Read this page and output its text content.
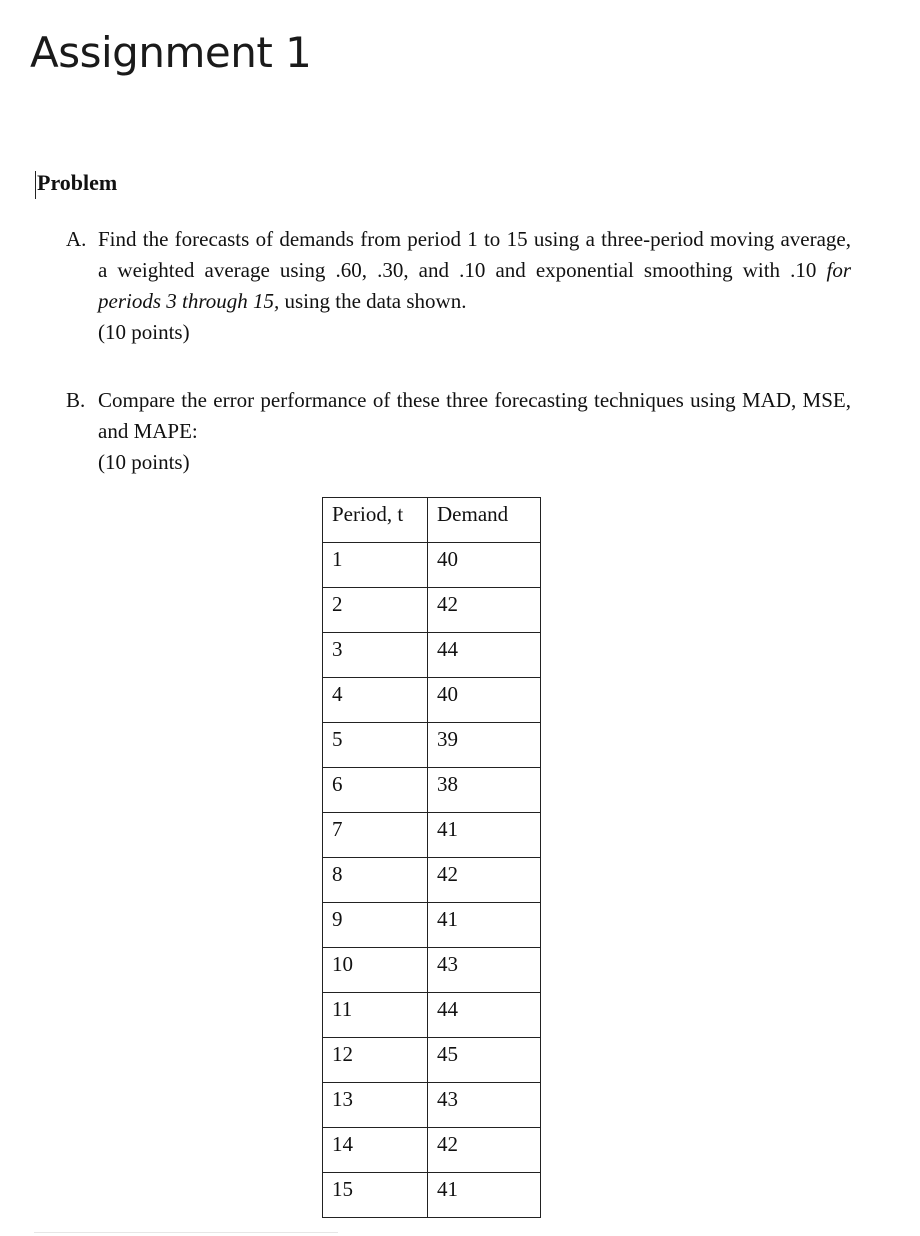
Assignment 1
Problem
A. Find the forecasts of demands from period 1 to 15 using a three-period moving average, a weighted average using .60, .30, and .10 and exponential smoothing with .10 for periods 3 through 15, using the data shown.

(10 points)

B. Compare the error performance of these three forecasting techniques using MAD, MSE, and MAPE:

(10 points)

Period, t	Demand
1	40
2	42
3	44
4	40
5	39
6	38
7	41
8	42
9	41
10	43
11	44
12	45
13	43
14	42
15	41
